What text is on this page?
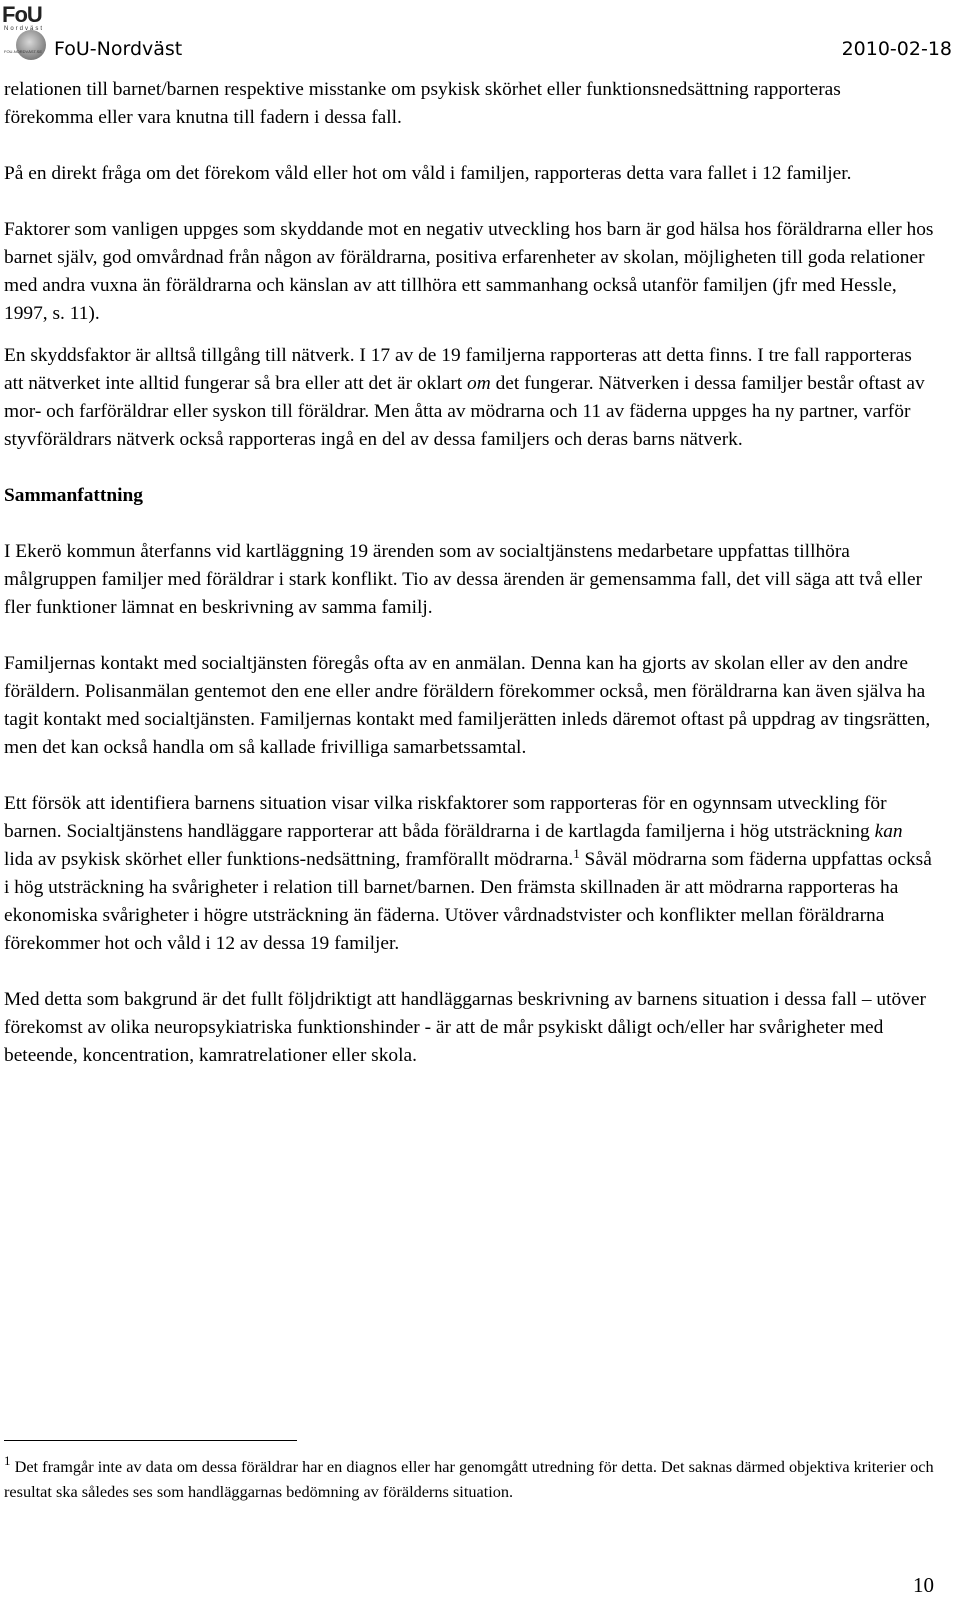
FoU
Nordväst
FOU-NORDVÄST.SE FoU-Nordväst	2010-02-18

relationen till barnet/barnen respektive misstanke om psykisk skörhet eller funktionsnedsättning rapporteras förekomma eller vara knutna till fadern i dessa fall.

På en direkt fråga om det förekom våld eller hot om våld i familjen, rapporteras detta vara fallet i 12 familjer.

Faktorer som vanligen uppges som skyddande mot en negativ utveckling hos barn är god hälsa hos föräldrarna eller hos barnet själv, god omvårdnad från någon av föräldrarna, positiva erfarenheter av skolan, möjligheten till goda relationer med andra vuxna än föräldrarna och känslan av att tillhöra ett sammanhang också utanför familjen (jfr med Hessle, 1997, s. 11).

En skyddsfaktor är alltså tillgång till nätverk. I 17 av de 19 familjerna rapporteras att detta finns. I tre fall rapporteras att nätverket inte alltid fungerar så bra eller att det är oklart om det fungerar. Nätverken i dessa familjer består oftast av mor- och farföräldrar eller syskon till föräldrar. Men åtta av mödrarna och 11 av fäderna uppges ha ny partner, varför styvföräldrars nätverk också rapporteras ingå en del av dessa familjers och deras barns nätverk.

Sammanfattning

I Ekerö kommun återfanns vid kartläggning 19 ärenden som av socialtjänstens medarbetare uppfattas tillhöra målgruppen familjer med föräldrar i stark konflikt. Tio av dessa ärenden är gemensamma fall, det vill säga att två eller fler funktioner lämnat en beskrivning av samma familj.

Familjernas kontakt med socialtjänsten föregås ofta av en anmälan. Denna kan ha gjorts av skolan eller av den andre föräldern. Polisanmälan gentemot den ene eller andre föräldern förekommer också, men föräldrarna kan även själva ha tagit kontakt med socialtjänsten. Familjernas kontakt med familjerätten inleds däremot oftast på uppdrag av tingsrätten, men det kan också handla om så kallade frivilliga samarbetssamtal.

Ett försök att identifiera barnens situation visar vilka riskfaktorer som rapporteras för en ogynnsam utveckling för barnen. Socialtjänstens handläggare rapporterar att båda föräldrarna i de kartlagda familjerna i hög utsträckning kan lida av psykisk skörhet eller funktions-nedsättning, framförallt mödrarna.$^1$ Såväl mödrarna som fäderna uppfattas också i hög utsträckning ha svårigheter i relation till barnet/barnen. Den främsta skillnaden är att mödrarna rapporteras ha ekonomiska svårigheter i högre utsträckning än fäderna. Utöver vårdnadstvister och konflikter mellan föräldrarna förekommer hot och våld i 12 av dessa 19 familjer.

Med detta som bakgrund är det fullt följdriktigt att handläggarnas beskrivning av barnens situation i dessa fall – utöver förekomst av olika neuropsykiatriska funktionshinder - är att de mår psykiskt dåligt och/eller har svårigheter med beteende, koncentration, kamratrelationer eller skola.

$^1$ Det framgår inte av data om dessa föräldrar har en diagnos eller har genomgått utredning för detta. Det saknas därmed objektiva kriterier och resultat ska således ses som handläggarnas bedömning av förälderns situation.

10
